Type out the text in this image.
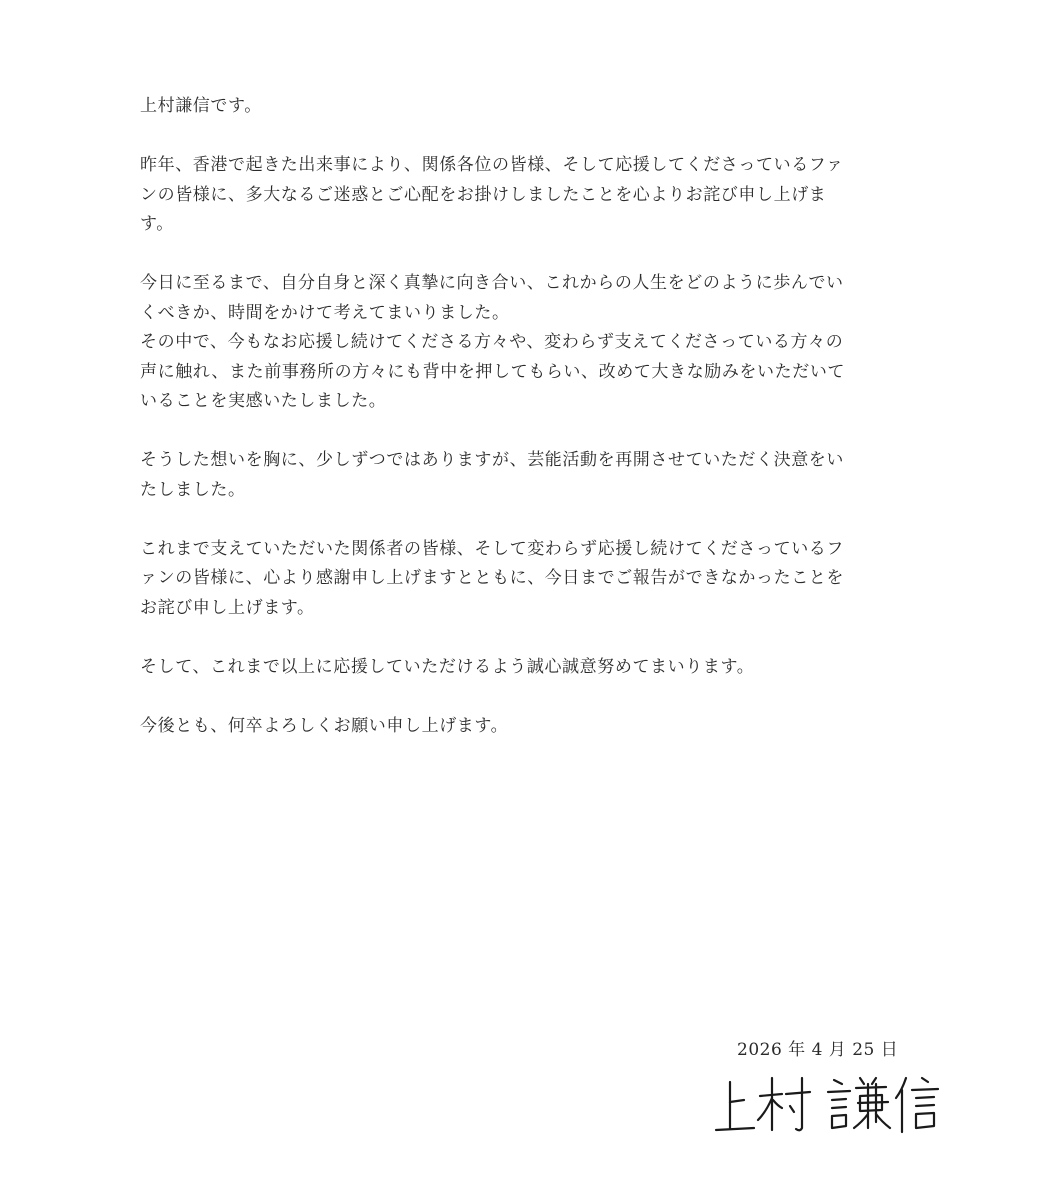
上村謙信です。

昨年、香港で起きた出来事により、関係各位の皆様、そして応援してくださっているファ
ンの皆様に、多大なるご迷惑とご心配をお掛けしましたことを心よりお詫び申し上げま
す。

今日に至るまで、自分自身と深く真摯に向き合い、これからの人生をどのように歩んでい
くべきか、時間をかけて考えてまいりました。
その中で、今もなお応援し続けてくださる方々や、変わらず支えてくださっている方々の
声に触れ、また前事務所の方々にも背中を押してもらい、改めて大きな励みをいただいて
いることを実感いたしました。

そうした想いを胸に、少しずつではありますが、芸能活動を再開させていただく決意をい
たしました。

これまで支えていただいた関係者の皆様、そして変わらず応援し続けてくださっているフ
ァンの皆様に、心より感謝申し上げますとともに、今日までご報告ができなかったことを
お詫び申し上げます。

そして、これまで以上に応援していただけるよう誠心誠意努めてまいります。

今後とも、何卒よろしくお願い申し上げます。

2026 年 4 月 25 日
